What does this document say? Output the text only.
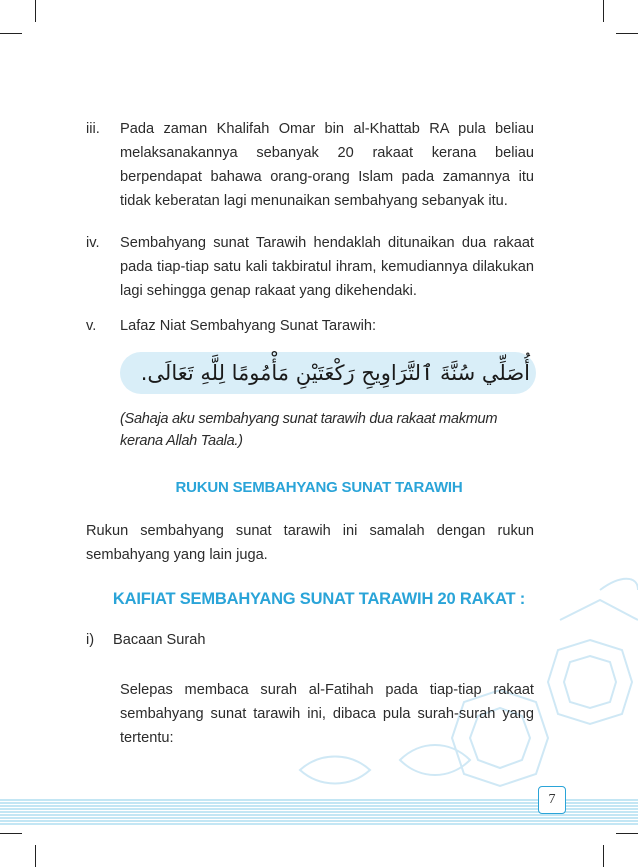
iii. Pada zaman Khalifah Omar bin al-Khattab RA pula beliau
melaksanakannya sebanyak 20 rakaat kerana beliau
berpendapat bahawa orang-orang Islam pada zamannya itu
tidak keberatan lagi menunaikan sembahyang sebanyak itu.
iv. Sembahyang sunat Tarawih hendaklah ditunaikan dua rakaat
pada tiap-tiap satu kali takbiratul ihram, kemudiannya dilakukan
lagi sehingga genap rakaat yang dikehendaki.
v. Lafaz Niat Sembahyang Sunat Tarawih:
أُصَلِّي سُنَّةَ ٱلتَّرَاوِيحِ رَكْعَتَيْنِ مَأْمُومًا لِلَّهِ تَعَالَى.
(Sahaja aku sembahyang sunat tarawih dua rakaat makmum
kerana Allah Taala.)
RUKUN SEMBAHYANG SUNAT TARAWIH
Rukun sembahyang sunat tarawih ini samalah dengan rukun
sembahyang yang lain juga.
KAIFIAT SEMBAHYANG SUNAT TARAWIH 20 RAKAT :
i) Bacaan Surah
Selepas membaca surah al-Fatihah pada tiap-tiap rakaat
sembahyang sunat tarawih ini, dibaca pula surah-surah yang
tertentu:
7
